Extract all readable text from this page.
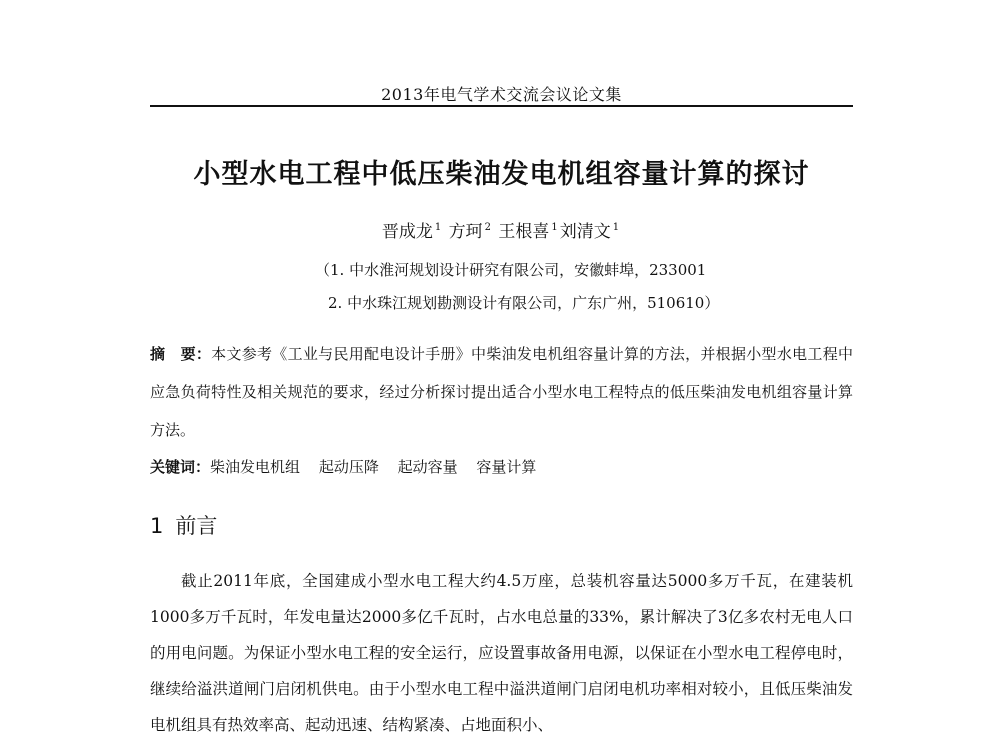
2013年电气学术交流会议论文集
小型水电工程中低压柴油发电机组容量计算的探讨
晋成龙 $^1$ 方珂 $^2$ 王根喜 $^1$ 刘清文 $^1$
（1. 中水淮河规划设计研究有限公司，安徽蚌埠，233001
2. 中水珠江规划勘测设计有限公司，广东广州，510610）
摘　要：本文参考《工业与民用配电设计手册》中柴油发电机组容量计算的方法，并根据小型水电工程中应急负荷特性及相关规范的要求，经过分析探讨提出适合小型水电工程特点的低压柴油发电机组容量计算方法。
关键词：柴油发电机组 起动压降 起动容量 容量计算
1 前言
截止2011年底，全国建成小型水电工程大约4.5万座，总装机容量达5000多万千瓦，在建装机1000多万千瓦时，年发电量达2000多亿千瓦时，占水电总量的33%，累计解决了3亿多农村无电人口的用电问题。为保证小型水电工程的安全运行，应设置事故备用电源，以保证在小型水电工程停电时，继续给溢洪道闸门启闭机供电。由于小型水电工程中溢洪道闸门启闭电机功率相对较小，且低压柴油发电机组具有热效率高、起动迅速、结构紧凑、占地面积小、
